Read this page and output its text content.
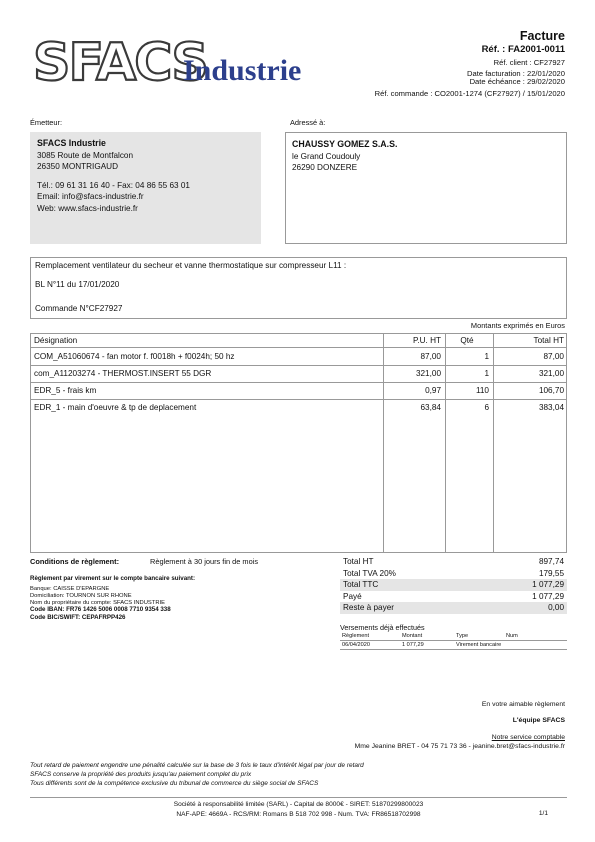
SFACS
Industrie
Facture
Réf. : FA2001-0011
Réf. client : CF27927
Date facturation : 22/01/2020
Date échéance : 29/02/2020
Réf. commande : CO2001-1274 (CF27927) / 15/01/2020
Émetteur:	Adressé à:
SFACS Industrie
3085 Route de Montfalcon
26350 MONTRIGAUD
Tél.: 09 61 31 16 40 - Fax: 04 86 55 63 01
Email: info@sfacs-industrie.fr
Web: www.sfacs-industrie.fr
CHAUSSY GOMEZ S.A.S.
le Grand Coudouly
26290 DONZERE
Remplacement ventilateur du secheur et vanne thermostatique sur compresseur L11 :
BL N°11 du 17/01/2020
Commande N°CF27927
Montants exprimés en Euros
Désignation	P.U. HT	Qté	Total HT
COM_A51060674 - fan motor f. f0018h + f0024h; 50 hz	87,00	1	87,00
com_A11203274 - THERMOST.INSERT 55 DGR	321,00	1	321,00
EDR_5 - frais km	0,97	110	106,70
EDR_1 - main d'oeuvre & tp de deplacement	63,84	6	383,04
Conditions de règlement:	Règlement à 30 jours fin de mois
Règlement par virement sur le compte bancaire suivant:
Banque: CAISSE D'EPARGNE
Domiciliation: TOURNON SUR RHONE
Nom du propriétaire du compte: SFACS INDUSTRIE
Code IBAN: FR76 1426 5006 0008 7710 9354 338
Code BIC/SWIFT: CEPAFRPP426
Total HT	897,74
Total TVA 20%	179,55
Total TTC	1 077,29
Payé	1 077,29
Reste à payer	0,00
Versements déjà effectués
Règlement	Montant	Type	Num
06/04/2020	1 077,29	Virement bancaire
En votre aimable règlement
L'équipe SFACS
Notre service comptable
Mme Jeanine BRET - 04 75 71 73 36 - jeanine.bret@sfacs-industrie.fr
Tout retard de paiement engendre une pénalité calculée sur la base de 3 fois le taux d'intérêt légal par jour de retard
SFACS conserve la propriété des produits jusqu'au paiement complet du prix
Tous différents sont de la compétence exclusive du tribunal de commerce du siège social de SFACS
Société à responsabilité limitée (SARL) - Capital de 8000€ - SIRET: 51870299800023
NAF-APE: 4669A - RCS/RM: Romans B 518 702 998 - Num. TVA: FR86518702998	1/1
